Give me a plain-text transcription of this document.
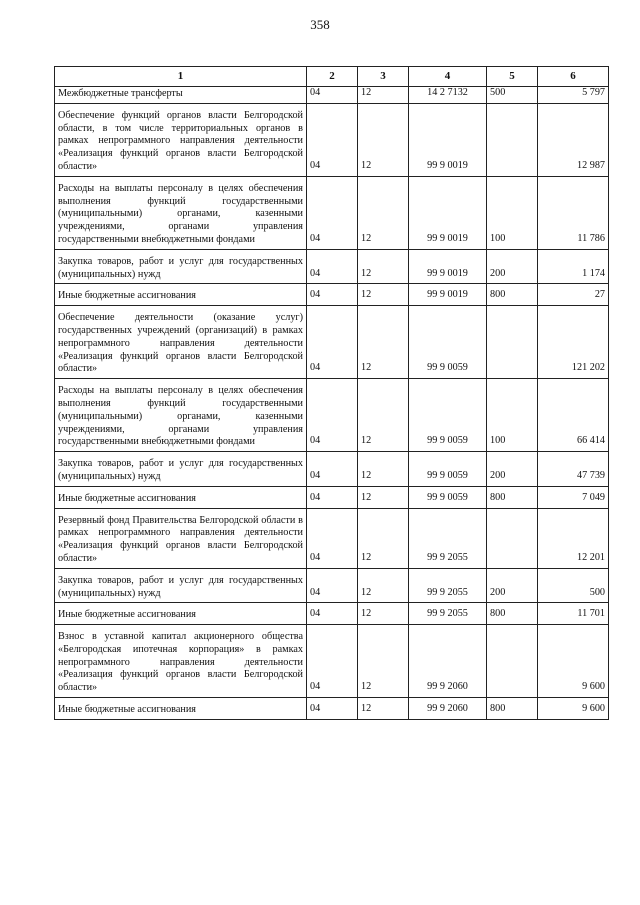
358
1	2	3	4	5	6
Межбюджетные трансферты	04	12	14 2 7132	500	5 797
Обеспечение функций органов власти Белгородской области, в том числе территориальных органов в рамках непрограммного направления деятельности «Реализация функций органов власти Белгородской области»	04	12	99 9 0019		12 987
Расходы на выплаты персоналу в целях обеспечения выполнения функций государственными (муниципальными) органами, казенными учреждениями, органами управления государственными внебюджетными фондами	04	12	99 9 0019	100	11 786
Закупка товаров, работ и услуг для государственных (муниципальных) нужд	04	12	99 9 0019	200	1 174
Иные бюджетные ассигнования	04	12	99 9 0019	800	27
Обеспечение деятельности (оказание услуг) государственных учреждений (организаций) в рамках непрограммного направления деятельности «Реализация функций органов власти Белгородской области»	04	12	99 9 0059		121 202
Расходы на выплаты персоналу в целях обеспечения выполнения функций государственными (муниципальными) органами, казенными учреждениями, органами управления государственными внебюджетными фондами	04	12	99 9 0059	100	66 414
Закупка товаров, работ и услуг для государственных (муниципальных) нужд	04	12	99 9 0059	200	47 739
Иные бюджетные ассигнования	04	12	99 9 0059	800	7 049
Резервный фонд Правительства Белгородской области в рамках непрограммного направления деятельности «Реализация функций органов власти Белгородской области»	04	12	99 9 2055		12 201
Закупка товаров, работ и услуг для государственных (муниципальных) нужд	04	12	99 9 2055	200	500
Иные бюджетные ассигнования	04	12	99 9 2055	800	11 701
Взнос в уставной капитал акционерного общества «Белгородская ипотечная корпорация» в рамках непрограммного направления деятельности «Реализация функций органов власти Белгородской области»	04	12	99 9 2060		9 600
Иные бюджетные ассигнования	04	12	99 9 2060	800	9 600
